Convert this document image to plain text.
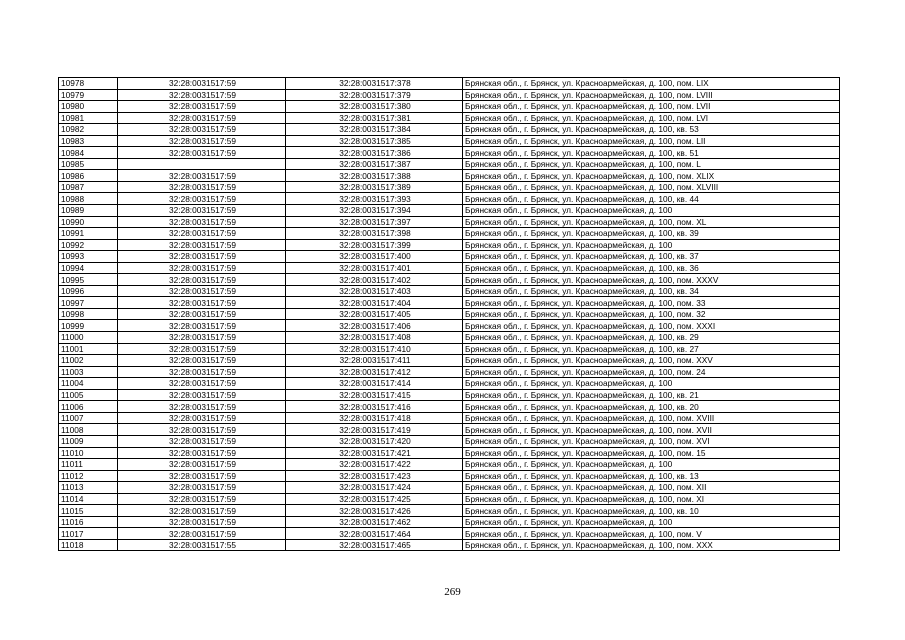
10978	32:28:0031517:59	32:28:0031517:378	Брянская обл., г. Брянск, ул. Красноармейская, д. 100, пом. LIX
10979	32:28:0031517:59	32:28:0031517:379	Брянская обл., г. Брянск, ул. Красноармейская, д. 100, пом. LVIII
10980	32:28:0031517:59	32:28:0031517:380	Брянская обл., г. Брянск, ул. Красноармейская, д. 100, пом. LVII
10981	32:28:0031517:59	32:28:0031517:381	Брянская обл., г. Брянск, ул. Красноармейская, д. 100, пом. LVI
10982	32:28:0031517:59	32:28:0031517:384	Брянская обл., г. Брянск, ул. Красноармейская, д. 100, кв. 53
10983	32:28:0031517:59	32:28:0031517:385	Брянская обл., г. Брянск, ул. Красноармейская, д. 100, пом. LII
10984	32:28:0031517:59	32:28:0031517:386	Брянская обл., г. Брянск, ул. Красноармейская, д. 100, кв. 51
10985		32:28:0031517:387	Брянская обл., г. Брянск, ул. Красноармейская, д. 100, пом. L
10986	32:28:0031517:59	32:28:0031517:388	Брянская обл., г. Брянск, ул. Красноармейская, д. 100, пом. XLIX
10987	32:28:0031517:59	32:28:0031517:389	Брянская обл., г. Брянск, ул. Красноармейская, д. 100, пом. XLVIII
10988	32:28:0031517:59	32:28:0031517:393	Брянская обл., г. Брянск, ул. Красноармейская, д. 100, кв. 44
10989	32:28:0031517:59	32:28:0031517:394	Брянская обл., г. Брянск, ул. Красноармейская, д. 100
10990	32:28:0031517:59	32:28:0031517:397	Брянская обл., г. Брянск, ул. Красноармейская, д. 100, пом. XL
10991	32:28:0031517:59	32:28:0031517:398	Брянская обл., г. Брянск, ул. Красноармейская, д. 100, кв. 39
10992	32:28:0031517:59	32:28:0031517:399	Брянская обл., г. Брянск, ул. Красноармейская, д. 100
10993	32:28:0031517:59	32:28:0031517:400	Брянская обл., г. Брянск, ул. Красноармейская, д. 100, кв. 37
10994	32:28:0031517:59	32:28:0031517:401	Брянская обл., г. Брянск, ул. Красноармейская, д. 100, кв. 36
10995	32:28:0031517:59	32:28:0031517:402	Брянская обл., г. Брянск, ул. Красноармейская, д. 100, пом. XXXV
10996	32:28:0031517:59	32:28:0031517:403	Брянская обл., г. Брянск, ул. Красноармейская, д. 100, кв. 34
10997	32:28:0031517:59	32:28:0031517:404	Брянская обл., г. Брянск, ул. Красноармейская, д. 100, пом. 33
10998	32:28:0031517:59	32:28:0031517:405	Брянская обл., г. Брянск, ул. Красноармейская, д. 100, пом. 32
10999	32:28:0031517:59	32:28:0031517:406	Брянская обл., г. Брянск, ул. Красноармейская, д. 100, пом. XXXI
11000	32:28:0031517:59	32:28:0031517:408	Брянская обл., г. Брянск, ул. Красноармейская, д. 100, кв. 29
11001	32:28:0031517:59	32:28:0031517:410	Брянская обл., г. Брянск, ул. Красноармейская, д. 100, кв. 27
11002	32:28:0031517:59	32:28:0031517:411	Брянская обл., г. Брянск, ул. Красноармейская, д. 100, пом. XXV
11003	32:28:0031517:59	32:28:0031517:412	Брянская обл., г. Брянск, ул. Красноармейская, д. 100, пом. 24
11004	32:28:0031517:59	32:28:0031517:414	Брянская обл., г. Брянск, ул. Красноармейская, д. 100
11005	32:28:0031517:59	32:28:0031517:415	Брянская обл., г. Брянск, ул. Красноармейская, д. 100, кв. 21
11006	32:28:0031517:59	32:28:0031517:416	Брянская обл., г. Брянск, ул. Красноармейская, д. 100, кв. 20
11007	32:28:0031517:59	32:28:0031517:418	Брянская обл., г. Брянск, ул. Красноармейская, д. 100, пом. XVIII
11008	32:28:0031517:59	32:28:0031517:419	Брянская обл., г. Брянск, ул. Красноармейская, д. 100, пом. XVII
11009	32:28:0031517:59	32:28:0031517:420	Брянская обл., г. Брянск, ул. Красноармейская, д. 100, пом. XVI
11010	32:28:0031517:59	32:28:0031517:421	Брянская обл., г. Брянск, ул. Красноармейская, д. 100, пом. 15
11011	32:28:0031517:59	32:28:0031517:422	Брянская обл., г. Брянск, ул. Красноармейская, д. 100
11012	32:28:0031517:59	32:28:0031517:423	Брянская обл., г. Брянск, ул. Красноармейская, д. 100, кв. 13
11013	32:28:0031517:59	32:28:0031517:424	Брянская обл., г. Брянск, ул. Красноармейская, д. 100, пом. XII
11014	32:28:0031517:59	32:28:0031517:425	Брянская обл., г. Брянск, ул. Красноармейская, д. 100, пом. XI
11015	32:28:0031517:59	32:28:0031517:426	Брянская обл., г. Брянск, ул. Красноармейская, д. 100, кв. 10
11016	32:28:0031517:59	32:28:0031517:462	Брянская обл., г. Брянск, ул. Красноармейская, д. 100
11017	32:28:0031517:59	32:28:0031517:464	Брянская обл., г. Брянск, ул. Красноармейская, д. 100, пом. V
11018	32:28:0031517:55	32:28:0031517:465	Брянская обл., г. Брянск, ул. Красноармейская, д. 100, пом. XXX
269
